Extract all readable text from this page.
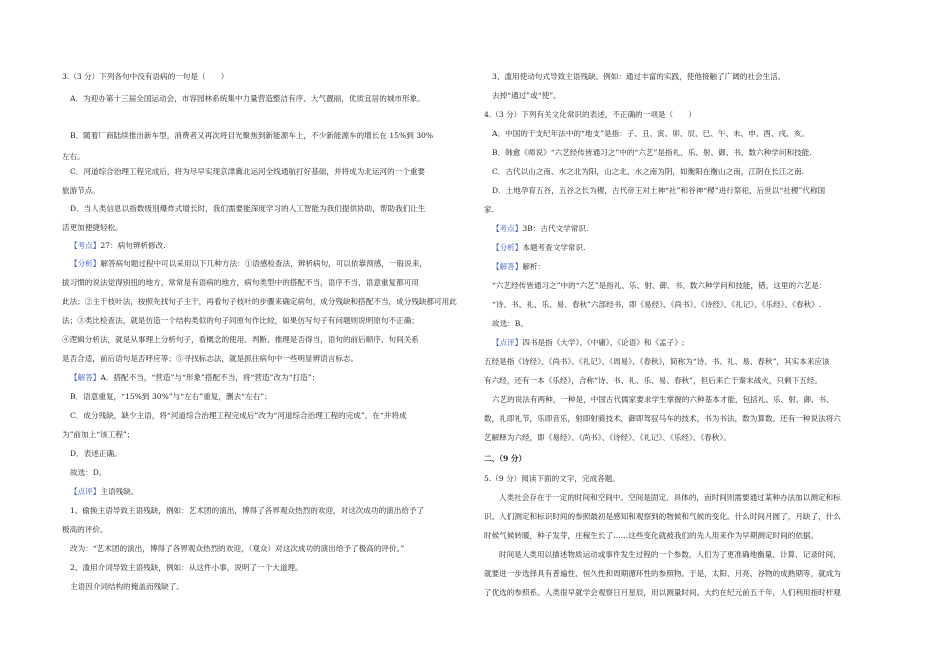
3.（3 分）下列各句中没有语病的一句是（　　）
A．为迎办第十三届全国运动会，市容园林系统集中力量营造整洁有序、大气靓丽，优质宜居的城市形象。
B．随着厂商陆续推出新车型，消费者又再次将目光聚焦到新能源车上，不少新能源车的增长在 15%到 30%
左右。
C．河道综合治理工程完成后，将为尽早实现京津冀北运河全线通航打好基础，并将成为北运河的一个重要
旅游节点。
D．当人类信息以指数级別爆炸式增长时，我们需要能深度学习的人工智能为我们提供协助，帮助我们让生
活更加便捷轻松。
【考点】27：病句辨析修改.
【分析】解答病句题过程中可以采用以下几种方法：①语感检查法，辨析病句，可以依靠预感，一般说来，
拔习惯的说法觉得别扭的地方，常常是有语病的地方，病句类型中的搭配不当，语序不当，语意重复都可用
此法；②主干枝叶法，按照先找句子主干，再看句子枝叶的步骤来确定病句，成分残缺和搭配不当，成分残缺都可用此
法；③类比检查法，就是仿造一个结构类似的句子同原句作比较，如果仿写句子有问题则说明原句不正确；
④逻辑分析法，就是从事理上分析句子，看概念的使用、判断、推理是否得当，语句的前后顺序、句间关系
是否合适，前后语句是否呼应等；⑤寻找标志法，就是抓住病句中一些明显辨语言标志。
【解答】A．搭配不当，“营造”与“形象”搭配不当，将“营造”改为“打造”；
B．语意重复，“15%到 30%”与“左右”重复，删去“左右”；
C．成分残缺，缺少主语，将“河道综合治理工程完成后”改为“河道综合治理工程的完成”，在“并将成
为”前加上“该工程”；
D．表述正确。
故选：D。
【点评】主语残缺。
1、偷换主语导致主语残缺，例如：艺术团的演出，博得了各界观众热烈的欢迎，对这次成功的演出给予了
极高的评价。
改为：“艺术团的演出，博得了各界观众热烈的欢迎，（观众）对这次成功的演出给予了极高的评价。”
2、滥用介词导致主语残缺，例如：从这件小事，说明了一个大道理。
主语因介词结构的掩盖而残缺了。
3、滥用使动句式导致主语残缺。例如：通过丰富的实践，使他接触了广阔的社会生活。
去掉“通过”或“使”。
4.（3 分）下列有关文化常识的表述，不正确的一项是（　　）
A．中国的干支纪年法中的“地支”是指：子、丑、寅、卯、辰、巳、午、未、申、酉、戌、亥。
B．韩愈《师说》“六艺经传皆通习之”中的“六艺”是指礼、乐、射、御、书、数六种学问和技能.
C．古代以山之南、水之北为阳，山之北、水之南为阴，如衡阳在衡山之南，江阴在长江之南.
D．土地孕育五谷，五谷之长为稷，古代帝王对土神“社”和谷神“稷”进行祭祀，后世以“社稷”代称国
家.
【考点】3B：古代文学常识.
【分析】本题考查文学常识.
【解答】解析：
“六艺经传皆通习之”中的“六艺”是指礼、乐、射、御、书、数六种学问和技能，错，这里的六艺是：
“诗、书、礼、乐、易、春秋”六部经书，即《易经》、《尚书》、《诗经》、《礼记》、《乐经》、《春秋》.
故选：B。
【点评】四书是指《大学》、《中庸》、《论语》和《孟子》;
五经是指《诗经》、《尚书》、《礼记》、《周易》、《春秋》，简称为“诗、书、礼、易、春秋”，其实本来应该
有六经，还有一本《乐经》，合称“诗、书、礼、乐、易、春秋”，但后来亡于秦末战火，只剩下五经。
六艺的说法有两种，一种是，中国古代儒家要求学生掌握的六种基本才能，包括礼、乐、射、御、书、
数，礼即礼节，乐即音乐，射即射骑技术，御即驾驭马车的技术，书为书法，数为算数。还有一种说法将六
艺解释为六经，即《易经》、《尚书》、《诗经》、《礼记》、《乐经》、《春秋》。
二、（9 分）
5.（9 分）阅读下面的文字，完成各题。
人类社会存在于一定的时间和空间中。空间是固定、具体的，而时间则需要通过某种办法加以测定和标
识。人们测定和标识时间的参照最初是感知和观察到的物候和气候的变化。什么时间月圆了，月缺了，什么
时候气候转暖，种子发芽，庄稼生长了……这些变化就被我们的先人用来作为早期测定时间的依据。
时间是人类用以描述物质运动或事件发生过程的一个参数，人们为了更准确地衡量、计算、记录时间，
就要进一步选择具有普遍性、恒久性和周期循环性的参照物。于是，太阳、月亮、谷物的成熟期等，就成为
了优选的参照系。人类很早就学会观察日月星辰，用以测量时间。大约在纪元前五千年，人们利用指时杆观
